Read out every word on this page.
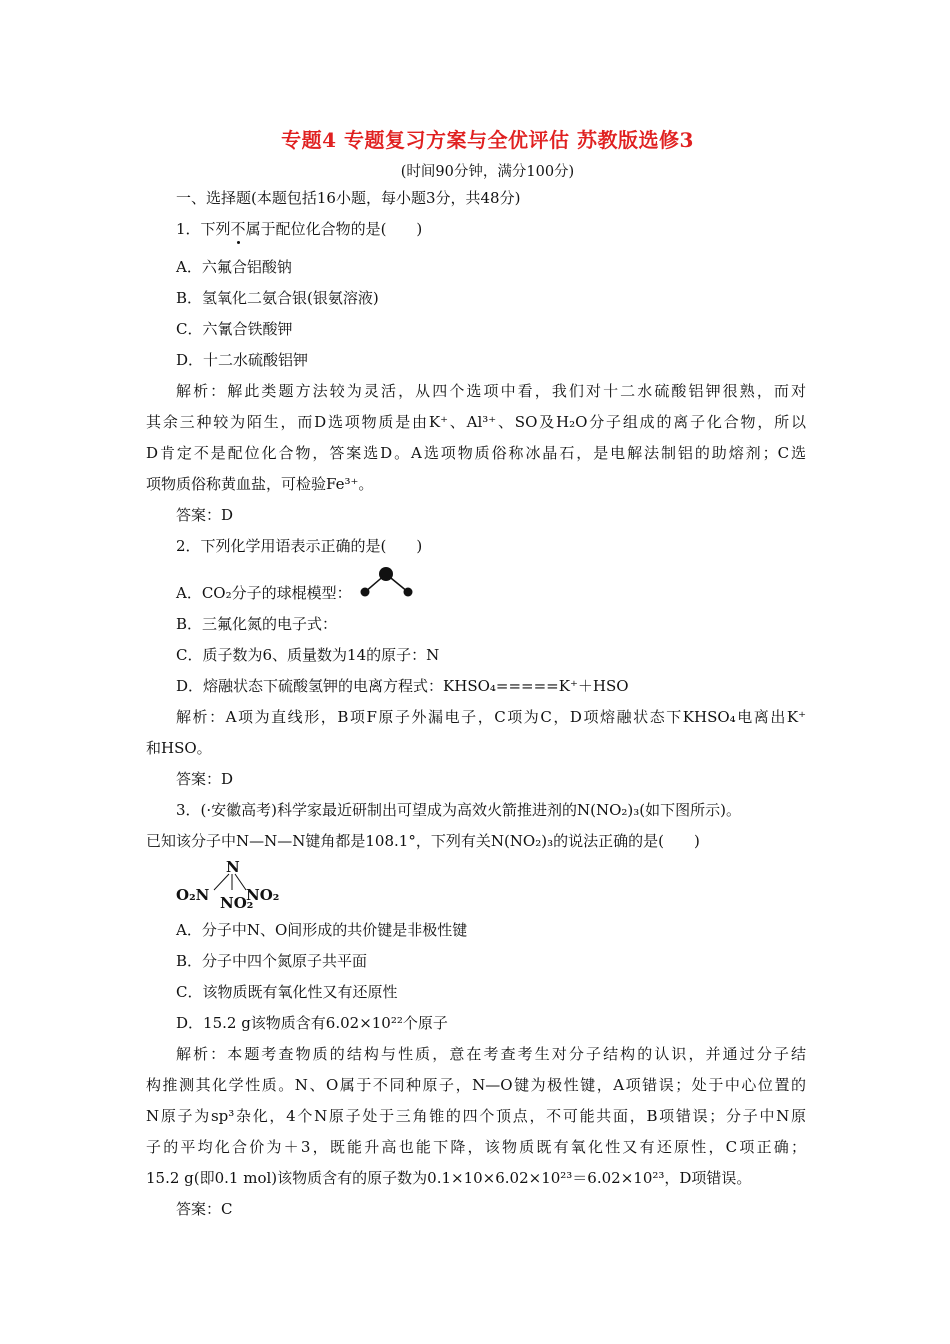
专题4 专题复习方案与全优评估 苏教版选修3
(时间90分钟，满分100分)
一、选择题(本题包括16小题，每小题3分，共48分)
1．下列不
属于配位化合物的是(　　)
A．六氟合铝酸钠
B．氢氧化二氨合银(银氨溶液)
C．六氰合铁酸钾
D．十二水硫酸铝钾
解析：解此类题方法较为灵活，从四个选项中看，我们对十二水硫酸铝钾很熟，而对
其余三种较为陌生，而D选项物质是由K⁺、Al³⁺、SO及H₂O分子组成的离子化合物，所以
D肯定不是配位化合物，答案选D。A选项物质俗称冰晶石，是电解法制铝的助熔剂；C选
项物质俗称黄血盐，可检验Fe³⁺。
答案：D
2．下列化学用语表示正确的是(　　)
A．CO₂分子的球棍模型：
B．三氟化氮的电子式：
C．质子数为6、质量数为14的原子：N
D．熔融状态下硫酸氢钾的电离方程式：KHSO₄=====K⁺＋HSO
解析：A项为直线形，B项F原子外漏电子，C项为C，D项熔融状态下KHSO₄电离出K⁺
和HSO。
答案：D
3．(·安徽高考)科学家最近研制出可望成为高效火箭推进剂的N(NO₂)₃(如下图所示)。
已知该分子中N—N—N键角都是108.1°，下列有关N(NO₂)₃的说法正确的是(　　)
N
O₂N NO₂
NO₂
A．分子中N、O间形成的共价键是非极性键
B．分子中四个氮原子共平面
C．该物质既有氧化性又有还原性
D．15.2 g该物质含有6.02×10²²个原子
解析：本题考查物质的结构与性质，意在考查考生对分子结构的认识，并通过分子结
构推测其化学性质。N、O属于不同种原子，N—O键为极性键，A项错误；处于中心位置的
N原子为sp³杂化，4个N原子处于三角锥的四个顶点，不可能共面，B项错误；分子中N原
子的平均化合价为＋3，既能升高也能下降，该物质既有氧化性又有还原性，C项正确；
15.2 g(即0.1 mol)该物质含有的原子数为0.1×10×6.02×10²³＝6.02×10²³，D项错误。
答案：C
